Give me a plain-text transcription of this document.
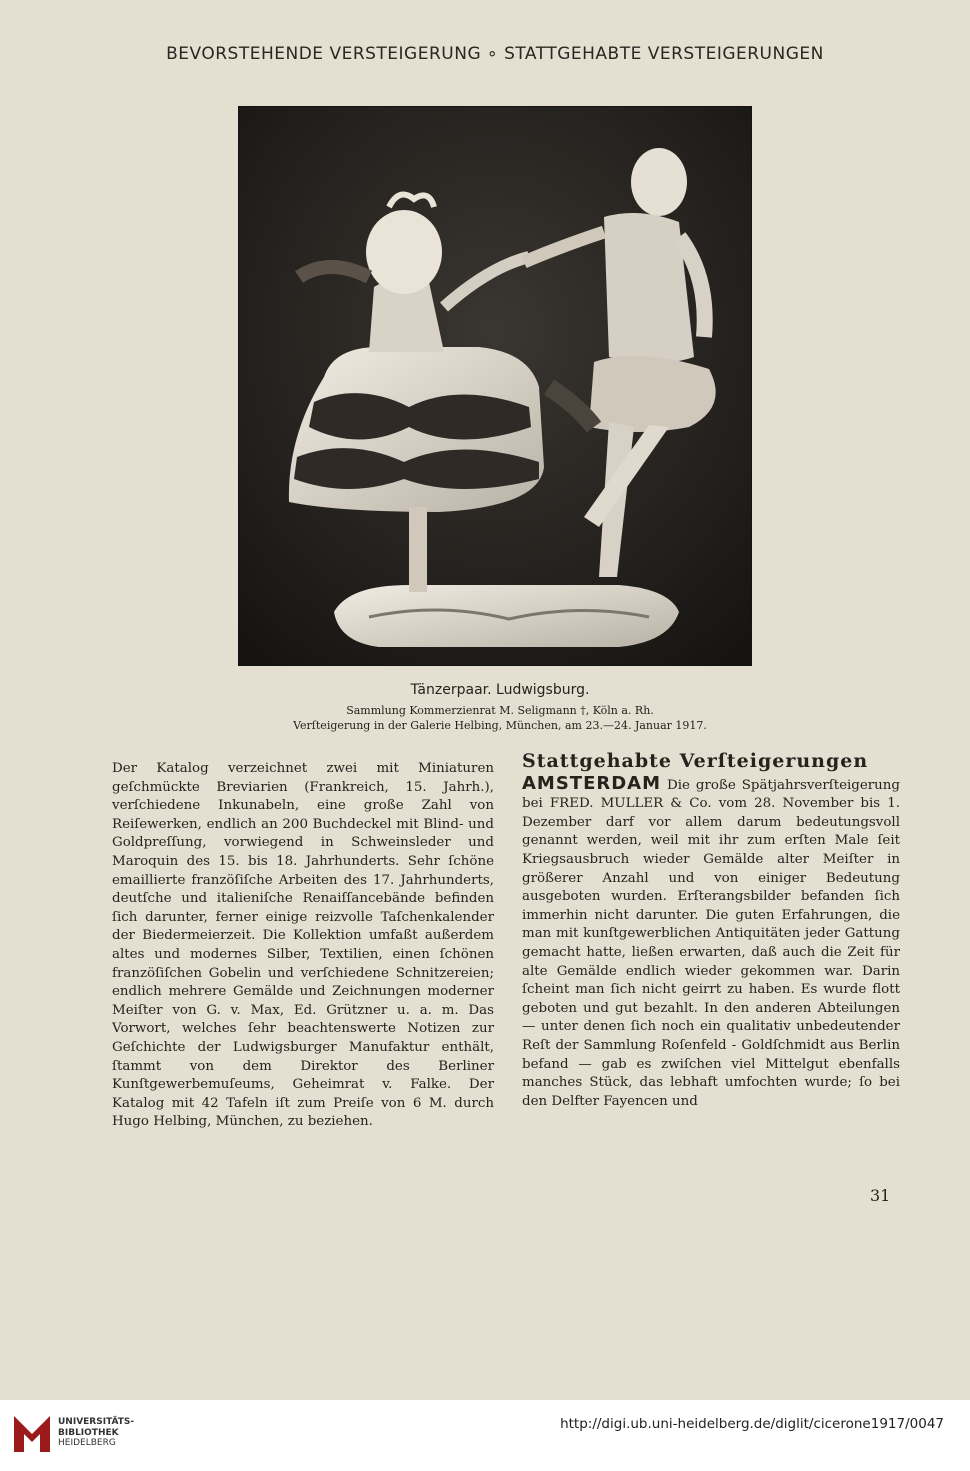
BEVORSTEHENDE VERSTEIGERUNG ∘ STATTGEHABTE VERSTEIGERUNGEN
Tänzerpaar. Ludwigsburg.
Sammlung Kommerzienrat M. Seligmann †, Köln a. Rh.
Verſteigerung in der Galerie Helbing, München, am 23.—24. Januar 1917.

Der Katalog verzeichnet zwei mit Miniaturen geſchmückte Breviarien (Frankreich, 15. Jahrh.), verſchiedene Inkunabeln, eine große Zahl von Reiſewerken, endlich an 200 Buchdeckel mit Blind- und Goldpreſſung, vorwiegend in Schweinsleder und Maroquin des 15. bis 18. Jahrhunderts. Sehr ſchöne emaillierte franzöſiſche Arbeiten des 17. Jahrhunderts, deutſche und italieniſche Renaiſſancebände befinden ſich darunter, ferner einige reizvolle Taſchenkalender der Biedermeierzeit. Die Kollektion umfaßt außerdem altes und modernes Silber, Textilien, einen ſchönen franzöſiſchen Gobelin und verſchiedene Schnitzereien; endlich mehrere Gemälde und Zeichnungen moderner Meiſter von G. v. Max, Ed. Grützner u. a. m. Das Vorwort, welches ſehr beachtenswerte Notizen zur Geſchichte der Ludwigsburger Manufaktur enthält, ſtammt von dem Direktor des Berliner Kunſtgewerbemuſeums, Geheimrat v. Falke. Der Katalog mit 42 Tafeln iſt zum Preiſe von 6 M. durch Hugo Helbing, München, zu beziehen.

Stattgehabte Verſteigerungen

AMSTERDAM Die große Spätjahrsverſteigerung bei FRED. MULLER & Co. vom 28. November bis 1. Dezember darf vor allem darum bedeutungsvoll genannt werden, weil mit ihr zum erſten Male ſeit Kriegsausbruch wieder Gemälde alter Meiſter in größerer Anzahl und von einiger Bedeutung ausgeboten wurden. Erſterangsbilder befanden ſich immerhin nicht darunter. Die guten Erfahrungen, die man mit kunſtgewerblichen Antiquitäten jeder Gattung gemacht hatte, ließen erwarten, daß auch die Zeit für alte Gemälde endlich wieder gekommen war. Darin ſcheint man ſich nicht geirrt zu haben. Es wurde flott geboten und gut bezahlt. In den anderen Abteilungen — unter denen ſich noch ein qualitativ unbedeutender Reſt der Sammlung Roſenfeld - Goldſchmidt aus Berlin befand — gab es zwiſchen viel Mittelgut ebenfalls manches Stück, das lebhaft umfochten wurde; ſo bei den Delfter Fayencen und

31
UNIVERSITÄTS-
BIBLIOTHEK
HEIDELBERG
http://digi.ub.uni-heidelberg.de/diglit/cicerone1917/0047
